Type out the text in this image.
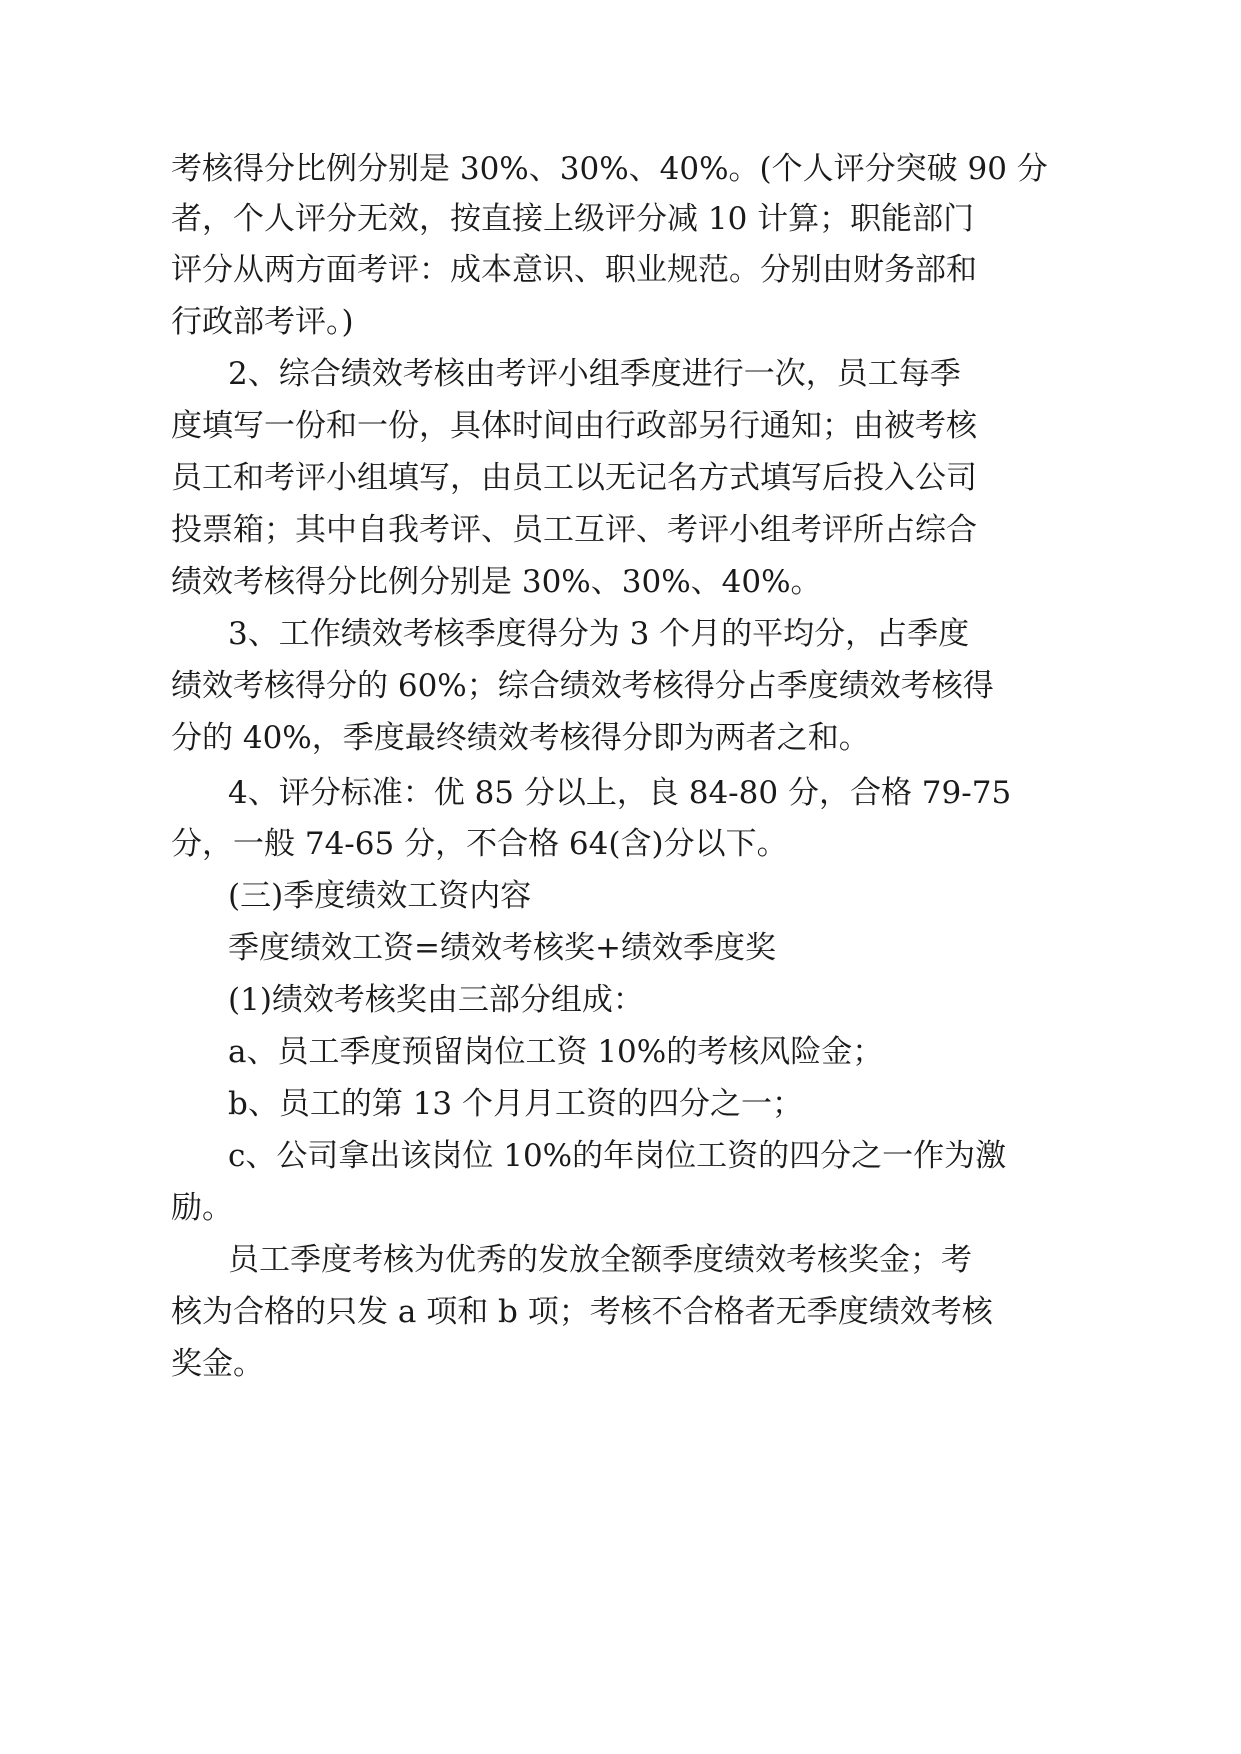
考核得分比例分别是 30%、30%、40%。(个人评分突破 90 分
者，个人评分无效，按直接上级评分减 10 计算；职能部门
评分从两方面考评：成本意识、职业规范。分别由财务部和
行政部考评。)
2、综合绩效考核由考评小组季度进行一次，员工每季
度填写一份和一份，具体时间由行政部另行通知；由被考核
员工和考评小组填写，由员工以无记名方式填写后投入公司
投票箱；其中自我考评、员工互评、考评小组考评所占综合
绩效考核得分比例分别是 30%、30%、40%。
3、工作绩效考核季度得分为 3 个月的平均分，占季度
绩效考核得分的 60%；综合绩效考核得分占季度绩效考核得
分的 40%，季度最终绩效考核得分即为两者之和。
4、评分标准：优 85 分以上，良 84-80 分，合格 79-75
分，一般 74-65 分，不合格 64(含)分以下。
(三)季度绩效工资内容
季度绩效工资=绩效考核奖+绩效季度奖
(1)绩效考核奖由三部分组成：
a、员工季度预留岗位工资 10%的考核风险金；
b、员工的第 13 个月月工资的四分之一；
c、公司拿出该岗位 10%的年岗位工资的四分之一作为激
励。
员工季度考核为优秀的发放全额季度绩效考核奖金；考
核为合格的只发 a 项和 b 项；考核不合格者无季度绩效考核
奖金。
